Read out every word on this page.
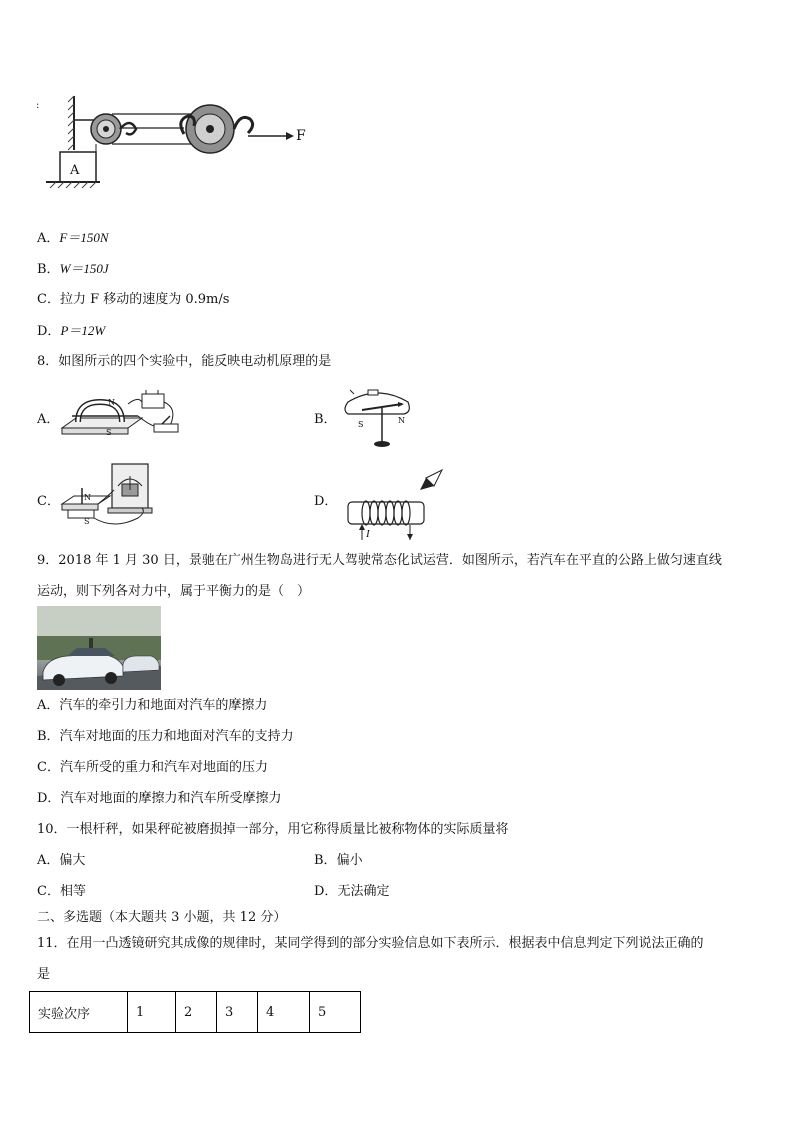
:
A
F
A．F＝150N
B．W＝150J
C．拉力 F 移动的速度为 0.9m/s
D．P＝12W
8．如图所示的四个实验中，能反映电动机原理的是
A．
N
S
B．	S	N
C．	N
S
D．
I
9．2018 年 1 月 30 日，景驰在广州生物岛进行无人驾驶常态化试运营．如图所示，若汽车在平直的公路上做匀速直线
运动，则下列各对力中，属于平衡力的是（　）
A．汽车的牵引力和地面对汽车的摩擦力
B．汽车对地面的压力和地面对汽车的支持力
C．汽车所受的重力和汽车对地面的压力
D．汽车对地面的摩擦力和汽车所受摩擦力
10．一根杆秤，如果秤砣被磨损掉一部分，用它称得质量比被称物体的实际质量将
A．偏大	B．偏小
C．相等	D．无法确定
二、多选题（本大题共 3 小题，共 12 分）
11．在用一凸透镜研究其成像的规律时，某同学得到的部分实验信息如下表所示．根据表中信息判定下列说法正确的
是
实验次序	1	2	3	4	5
